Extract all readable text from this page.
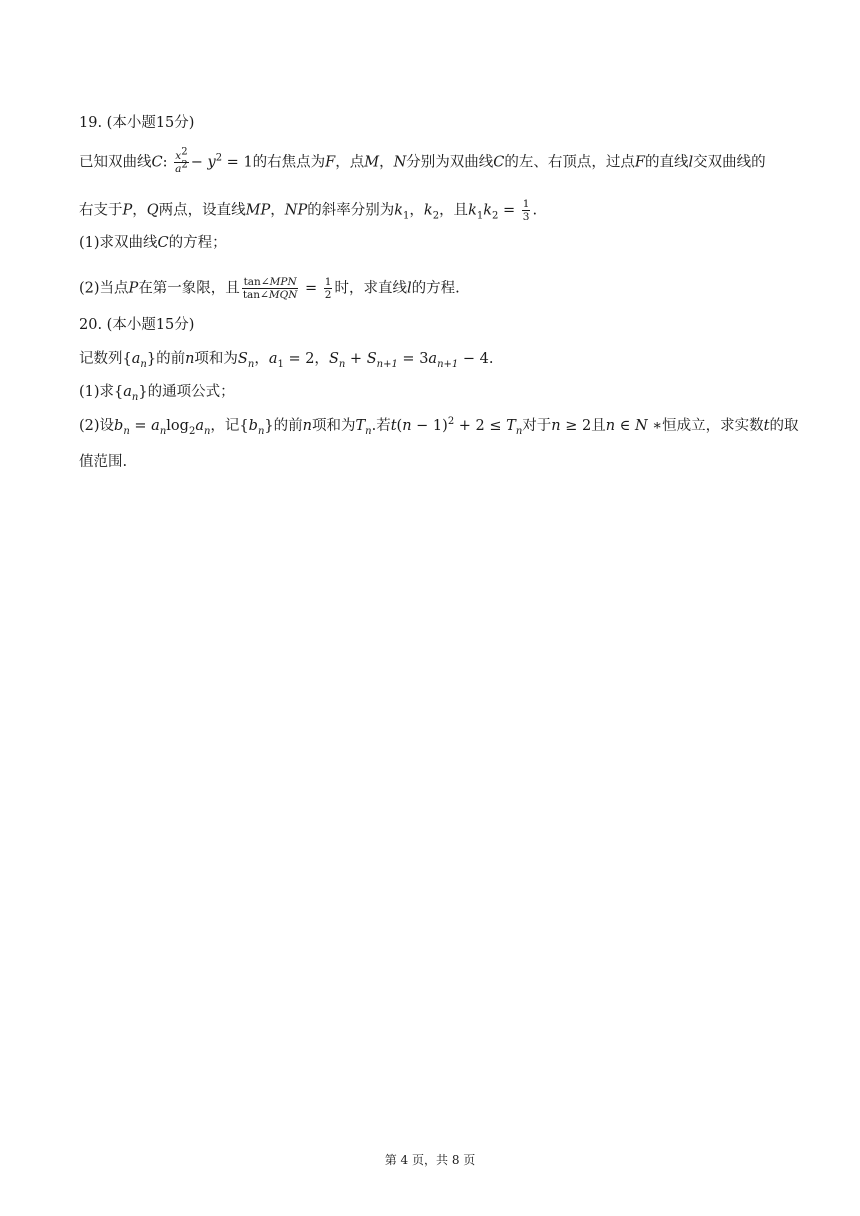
19. (本小题15分)
已知双曲线C: $\frac{x^2}{a^2} - y^2 = 1$的右焦点为F，点M，N分别为双曲线C的左、右顶点，过点F的直线l交双曲线的
右支于P，Q两点，设直线MP，NP的斜率分别为$k_1$，$k_2$，且$k_1k_2 = \frac{1}{3}$ .
(1)求双曲线C的方程；
(2)当点P在第一象限，且 $\frac{\text{tan∠MPN}}{\text{tan∠MQN}} = \frac{1}{2}$ 时，求直线l的方程.
20. (本小题15分)
记数列$\{a_n\}$的前n项和为$S_n$，$a_1 = 2$，$S_n + S_{n+1} = 3a_{n+1} - 4$.
(1)求$\{a_n\}$的通项公式；
(2)设$b_n = a_n\log_2a_n$，记$\{b_n\}$的前n项和为$T_n$.若$t(n - 1)^2 + 2 \le T_n$对于n ≥ 2且n ∈ N ∗恒成立，求实数t的取
值范围.
第 4 页，共 8 页
